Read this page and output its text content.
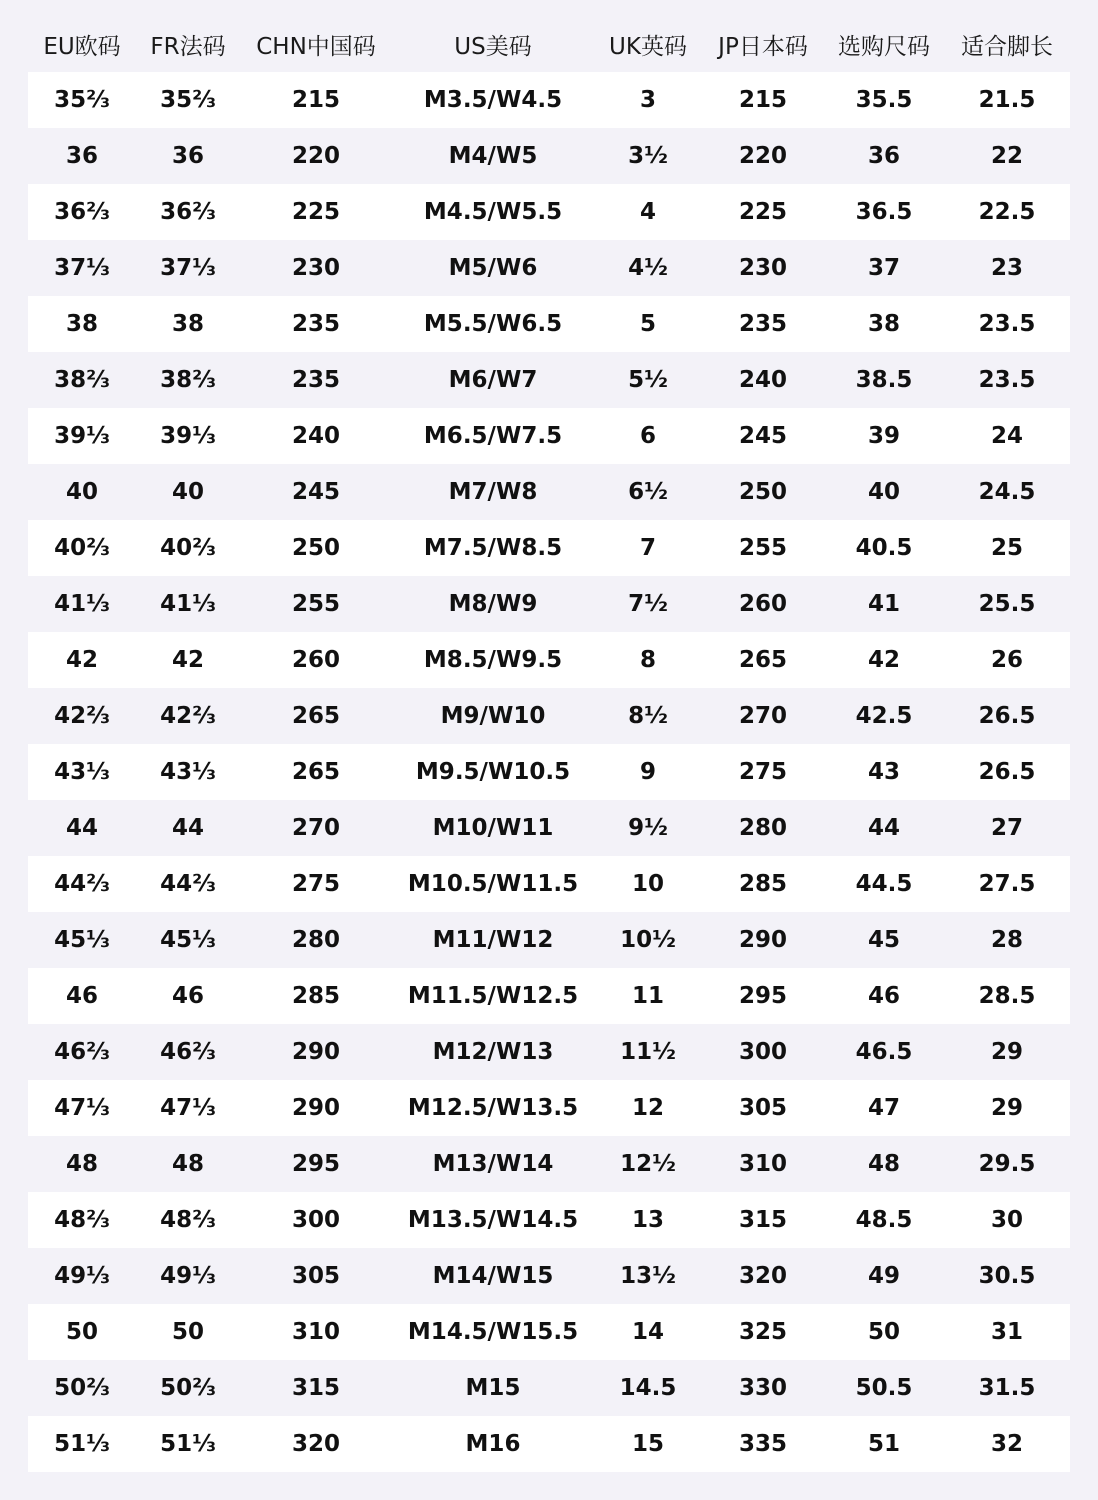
EU欧码	FR法码	CHN中国码	US美码	UK英码	JP日本码	选购尺码	适合脚长
35⅔	35⅔	215	M3.5/W4.5	3	215	35.5	21.5
36	36	220	M4/W5	3½	220	36	22
36⅔	36⅔	225	M4.5/W5.5	4	225	36.5	22.5
37⅓	37⅓	230	M5/W6	4½	230	37	23
38	38	235	M5.5/W6.5	5	235	38	23.5
38⅔	38⅔	235	M6/W7	5½	240	38.5	23.5
39⅓	39⅓	240	M6.5/W7.5	6	245	39	24
40	40	245	M7/W8	6½	250	40	24.5
40⅔	40⅔	250	M7.5/W8.5	7	255	40.5	25
41⅓	41⅓	255	M8/W9	7½	260	41	25.5
42	42	260	M8.5/W9.5	8	265	42	26
42⅔	42⅔	265	M9/W10	8½	270	42.5	26.5
43⅓	43⅓	265	M9.5/W10.5	9	275	43	26.5
44	44	270	M10/W11	9½	280	44	27
44⅔	44⅔	275	M10.5/W11.5	10	285	44.5	27.5
45⅓	45⅓	280	M11/W12	10½	290	45	28
46	46	285	M11.5/W12.5	11	295	46	28.5
46⅔	46⅔	290	M12/W13	11½	300	46.5	29
47⅓	47⅓	290	M12.5/W13.5	12	305	47	29
48	48	295	M13/W14	12½	310	48	29.5
48⅔	48⅔	300	M13.5/W14.5	13	315	48.5	30
49⅓	49⅓	305	M14/W15	13½	320	49	30.5
50	50	310	M14.5/W15.5	14	325	50	31
50⅔	50⅔	315	M15	14.5	330	50.5	31.5
51⅓	51⅓	320	M16	15	335	51	32
